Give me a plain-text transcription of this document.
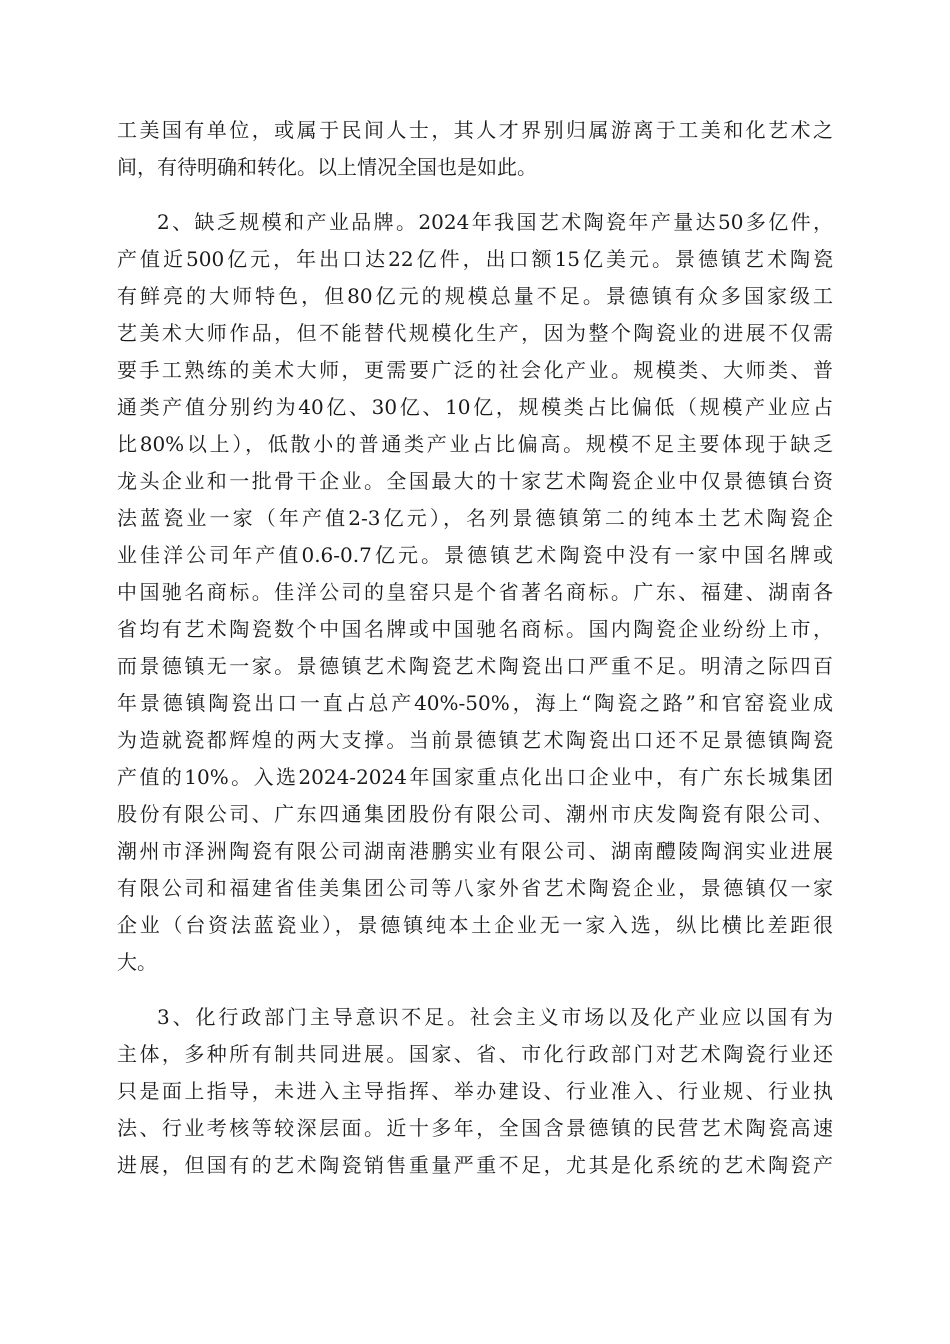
工美国有单位，或属于民间人士，其人才界别归属游离于工美和化艺术之
间，有待明确和转化。以上情况全国也是如此。
2、缺乏规模和产业品牌。2024年我国艺术陶瓷年产量达50多亿件，
产值近500亿元，年出口达22亿件，出口额15亿美元。景德镇艺术陶瓷
有鲜亮的大师特色，但80亿元的规模总量不足。景德镇有众多国家级工
艺美术大师作品，但不能替代规模化生产，因为整个陶瓷业的进展不仅需
要手工熟练的美术大师，更需要广泛的社会化产业。规模类、大师类、普
通类产值分别约为40亿、30亿、10亿，规模类占比偏低（规模产业应占
比80%以上），低散小的普通类产业占比偏高。规模不足主要体现于缺乏
龙头企业和一批骨干企业。全国最大的十家艺术陶瓷企业中仅景德镇台资
法蓝瓷业一家（年产值2-3亿元），名列景德镇第二的纯本土艺术陶瓷企
业佳洋公司年产值0.6-0.7亿元。景德镇艺术陶瓷中没有一家中国名牌或
中国驰名商标。佳洋公司的皇窑只是个省著名商标。广东、福建、湖南各
省均有艺术陶瓷数个中国名牌或中国驰名商标。国内陶瓷企业纷纷上市，
而景德镇无一家。景德镇艺术陶瓷艺术陶瓷出口严重不足。明清之际四百
年景德镇陶瓷出口一直占总产40%-50%，海上“陶瓷之路”和官窑瓷业成
为造就瓷都辉煌的两大支撑。当前景德镇艺术陶瓷出口还不足景德镇陶瓷
产值的10%。入选2024-2024年国家重点化出口企业中，有广东长城集团
股份有限公司、广东四通集团股份有限公司、潮州市庆发陶瓷有限公司、
潮州市泽洲陶瓷有限公司湖南港鹏实业有限公司、湖南醴陵陶润实业进展
有限公司和福建省佳美集团公司等八家外省艺术陶瓷企业，景德镇仅一家
企业（台资法蓝瓷业），景德镇纯本土企业无一家入选，纵比横比差距很
大。
3、化行政部门主导意识不足。社会主义市场以及化产业应以国有为
主体，多种所有制共同进展。国家、省、市化行政部门对艺术陶瓷行业还
只是面上指导，未进入主导指挥、举办建设、行业准入、行业规、行业执
法、行业考核等较深层面。近十多年，全国含景德镇的民营艺术陶瓷高速
进展，但国有的艺术陶瓷销售重量严重不足，尤其是化系统的艺术陶瓷产
